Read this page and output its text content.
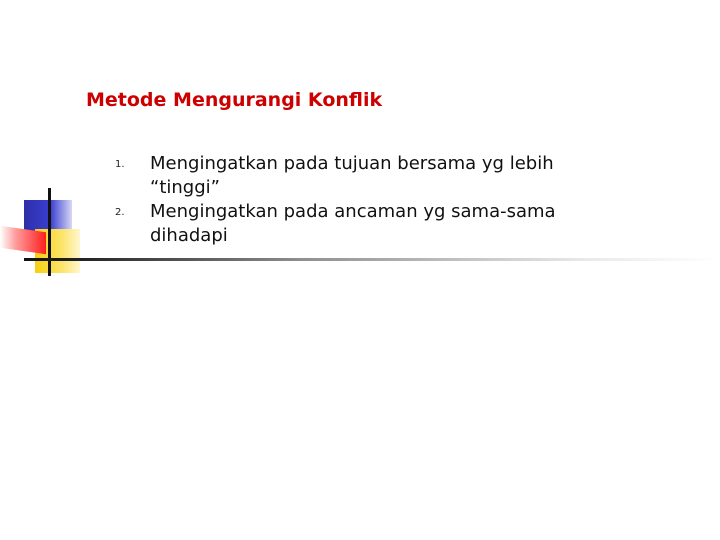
Metode Mengurangi Konflik
1. Mengingatkan pada tujuan bersama yg lebih “tinggi”
2. Mengingatkan pada ancaman yg sama-sama dihadapi
